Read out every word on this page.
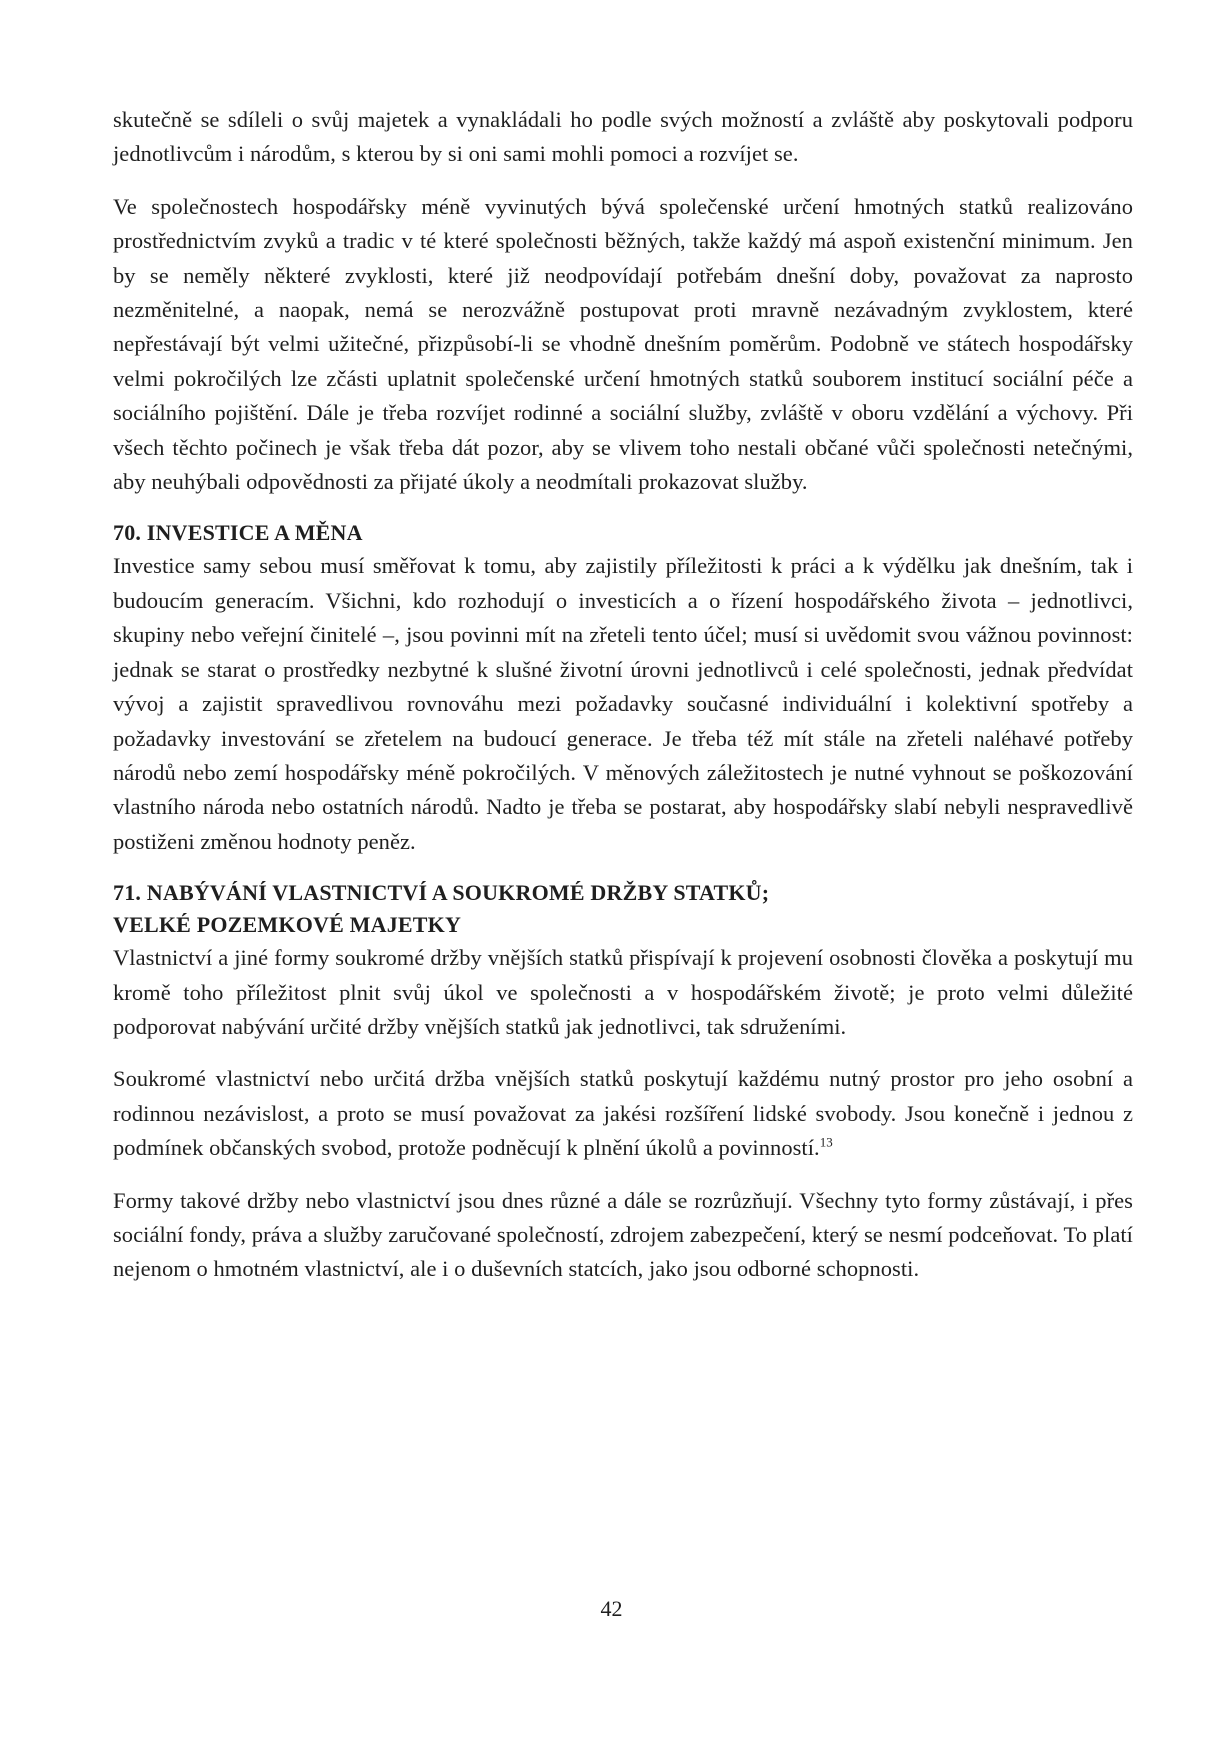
skutečně se sdíleli o svůj majetek a vynakládali ho podle svých možností a zvláště aby poskytovali podporu jednotlivcům i národům, s kterou by si oni sami mohli pomoci a rozvíjet se.

Ve společnostech hospodářsky méně vyvinutých bývá společenské určení hmotných statků realizováno prostřednictvím zvyků a tradic v té které společnosti běžných, takže každý má aspoň existenční minimum. Jen by se neměly některé zvyklosti, které již neodpovídají potřebám dnešní doby, považovat za naprosto nezměnitelné, a naopak, nemá se nerozvážně postupovat proti mravně nezávadným zvyklostem, které nepřestávají být velmi užitečné, přizpůsobí-li se vhodně dnešním poměrům. Podobně ve státech hospodářsky velmi pokročilých lze zčásti uplatnit společenské určení hmotných statků souborem institucí sociální péče a sociálního pojištění. Dále je třeba rozvíjet rodinné a sociální služby, zvláště v oboru vzdělání a výchovy. Při všech těchto počinech je však třeba dát pozor, aby se vlivem toho nestali občané vůči společnosti netečnými, aby neuhýbali odpovědnosti za přijaté úkoly a neodmítali prokazovat služby.

70. INVESTICE A MĚNA

Investice samy sebou musí směřovat k tomu, aby zajistily příležitosti k práci a k výdělku jak dnešním, tak i budoucím generacím. Všichni, kdo rozhodují o investicích a o řízení hospodářského života – jednotlivci, skupiny nebo veřejní činitelé –, jsou povinni mít na zřeteli tento účel; musí si uvědomit svou vážnou povinnost: jednak se starat o prostředky nezbytné k slušné životní úrovni jednotlivců i celé společnosti, jednak předvídat vývoj a zajistit spravedlivou rovnováhu mezi požadavky současné individuální i kolektivní spotřeby a požadavky investování se zřetelem na budoucí generace. Je třeba též mít stále na zřeteli naléhavé potřeby národů nebo zemí hospodářsky méně pokročilých. V měnových záležitostech je nutné vyhnout se poškozování vlastního národa nebo ostatních národů. Nadto je třeba se postarat, aby hospodářsky slabí nebyli nespravedlivě postiženi změnou hodnoty peněz.

71. NABÝVÁNÍ VLASTNICTVÍ A SOUKROMÉ DRŽBY STATKŮ;
VELKÉ POZEMKOVÉ MAJETKY

Vlastnictví a jiné formy soukromé držby vnějších statků přispívají k projevení osobnosti člověka a poskytují mu kromě toho příležitost plnit svůj úkol ve společnosti a v hospodářském životě; je proto velmi důležité podporovat nabývání určité držby vnějších statků jak jednotlivci, tak sdruženími.

Soukromé vlastnictví nebo určitá držba vnějších statků poskytují každému nutný prostor pro jeho osobní a rodinnou nezávislost, a proto se musí považovat za jakési rozšíření lidské svobody. Jsou konečně i jednou z podmínek občanských svobod, protože podněcují k plnění úkolů a povinností.$^{13}$

Formy takové držby nebo vlastnictví jsou dnes různé a dále se rozrůzňují. Všechny tyto formy zůstávají, i přes sociální fondy, práva a služby zaručované společností, zdrojem zabezpečení, který se nesmí podceňovat. To platí nejenom o hmotném vlastnictví, ale i o duševních statcích, jako jsou odborné schopnosti.

42
